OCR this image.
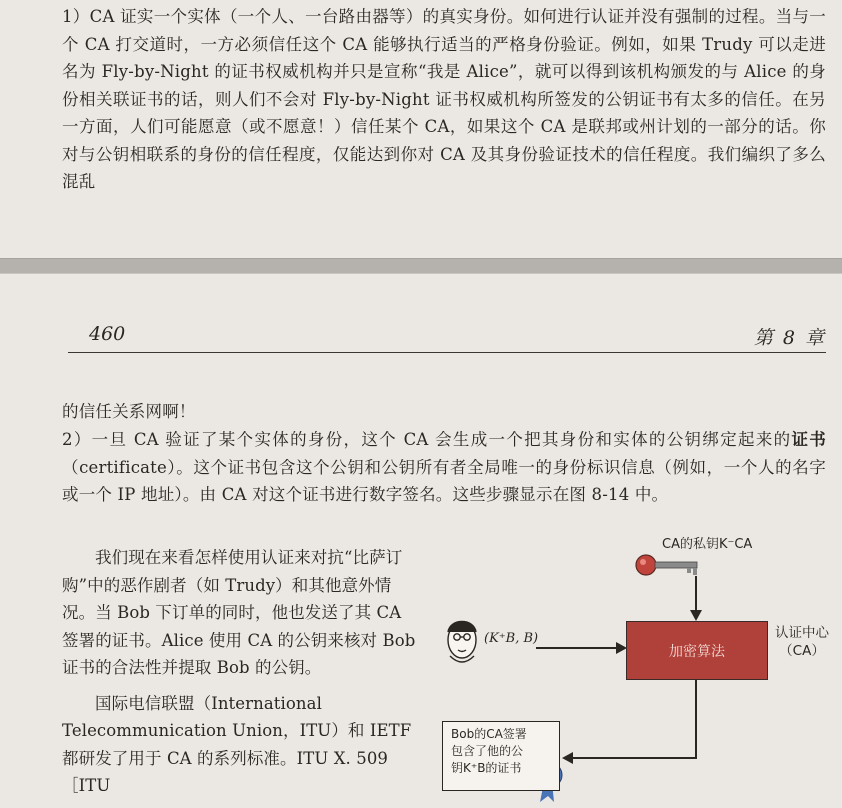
1）CA 证实一个实体（一个人、一台路由器等）的真实身份。如何进行认证并没有强制的过程。当与一个 CA 打交道时，一方必须信任这个 CA 能够执行适当的严格身份验证。例如，如果 Trudy 可以走进名为 Fly-by-Night 的证书权威机构并只是宣称“我是 Alice”，就可以得到该机构颁发的与 Alice 的身份相关联证书的话，则人们不会对 Fly-by-Night 证书权威机构所签发的公钥证书有太多的信任。在另一方面，人们可能愿意（或不愿意！）信任某个 CA，如果这个 CA 是联邦或州计划的一部分的话。你对与公钥相联系的身份的信任程度，仅能达到你对 CA 及其身份验证技术的信任程度。我们编织了多么混乱

460	第 8 章

的信任关系网啊！

2）一旦 CA 验证了某个实体的身份，这个 CA 会生成一个把其身份和实体的公钥绑定起来的证书（certificate）。这个证书包含这个公钥和公钥所有者全局唯一的身份标识信息（例如，一个人的名字或一个 IP 地址）。由 CA 对这个证书进行数字签名。这些步骤显示在图 8-14 中。

我们现在来看怎样使用认证来对抗“比萨订购”中的恶作剧者（如 Trudy）和其他意外情况。当 Bob 下订单的同时，他也发送了其 CA 签署的证书。Alice 使用 CA 的公钥来核对 Bob 证书的合法性并提取 Bob 的公钥。

国际电信联盟（International Telecommunication Union，ITU）和 IETF 都研发了用于 CA 的系列标准。ITU X. 509［ITU

CA的私钥K⁻CA
加密算法
认证中心
（CA）
(K⁺B, B)
Bob的CA签署
包含了他的公
钥K⁺B的证书
